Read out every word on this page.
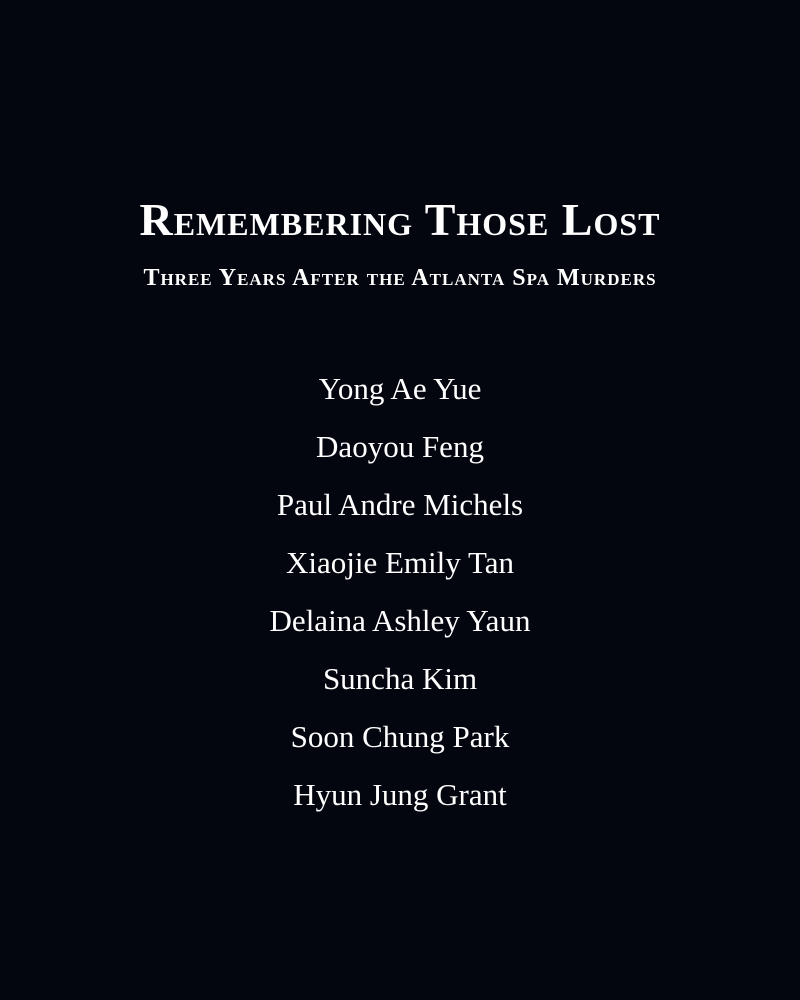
Remembering Those Lost
Three Years After the Atlanta Spa Murders
Yong Ae Yue
Daoyou Feng
Paul Andre Michels
Xiaojie Emily Tan
Delaina Ashley Yaun
Suncha Kim
Soon Chung Park
Hyun Jung Grant
